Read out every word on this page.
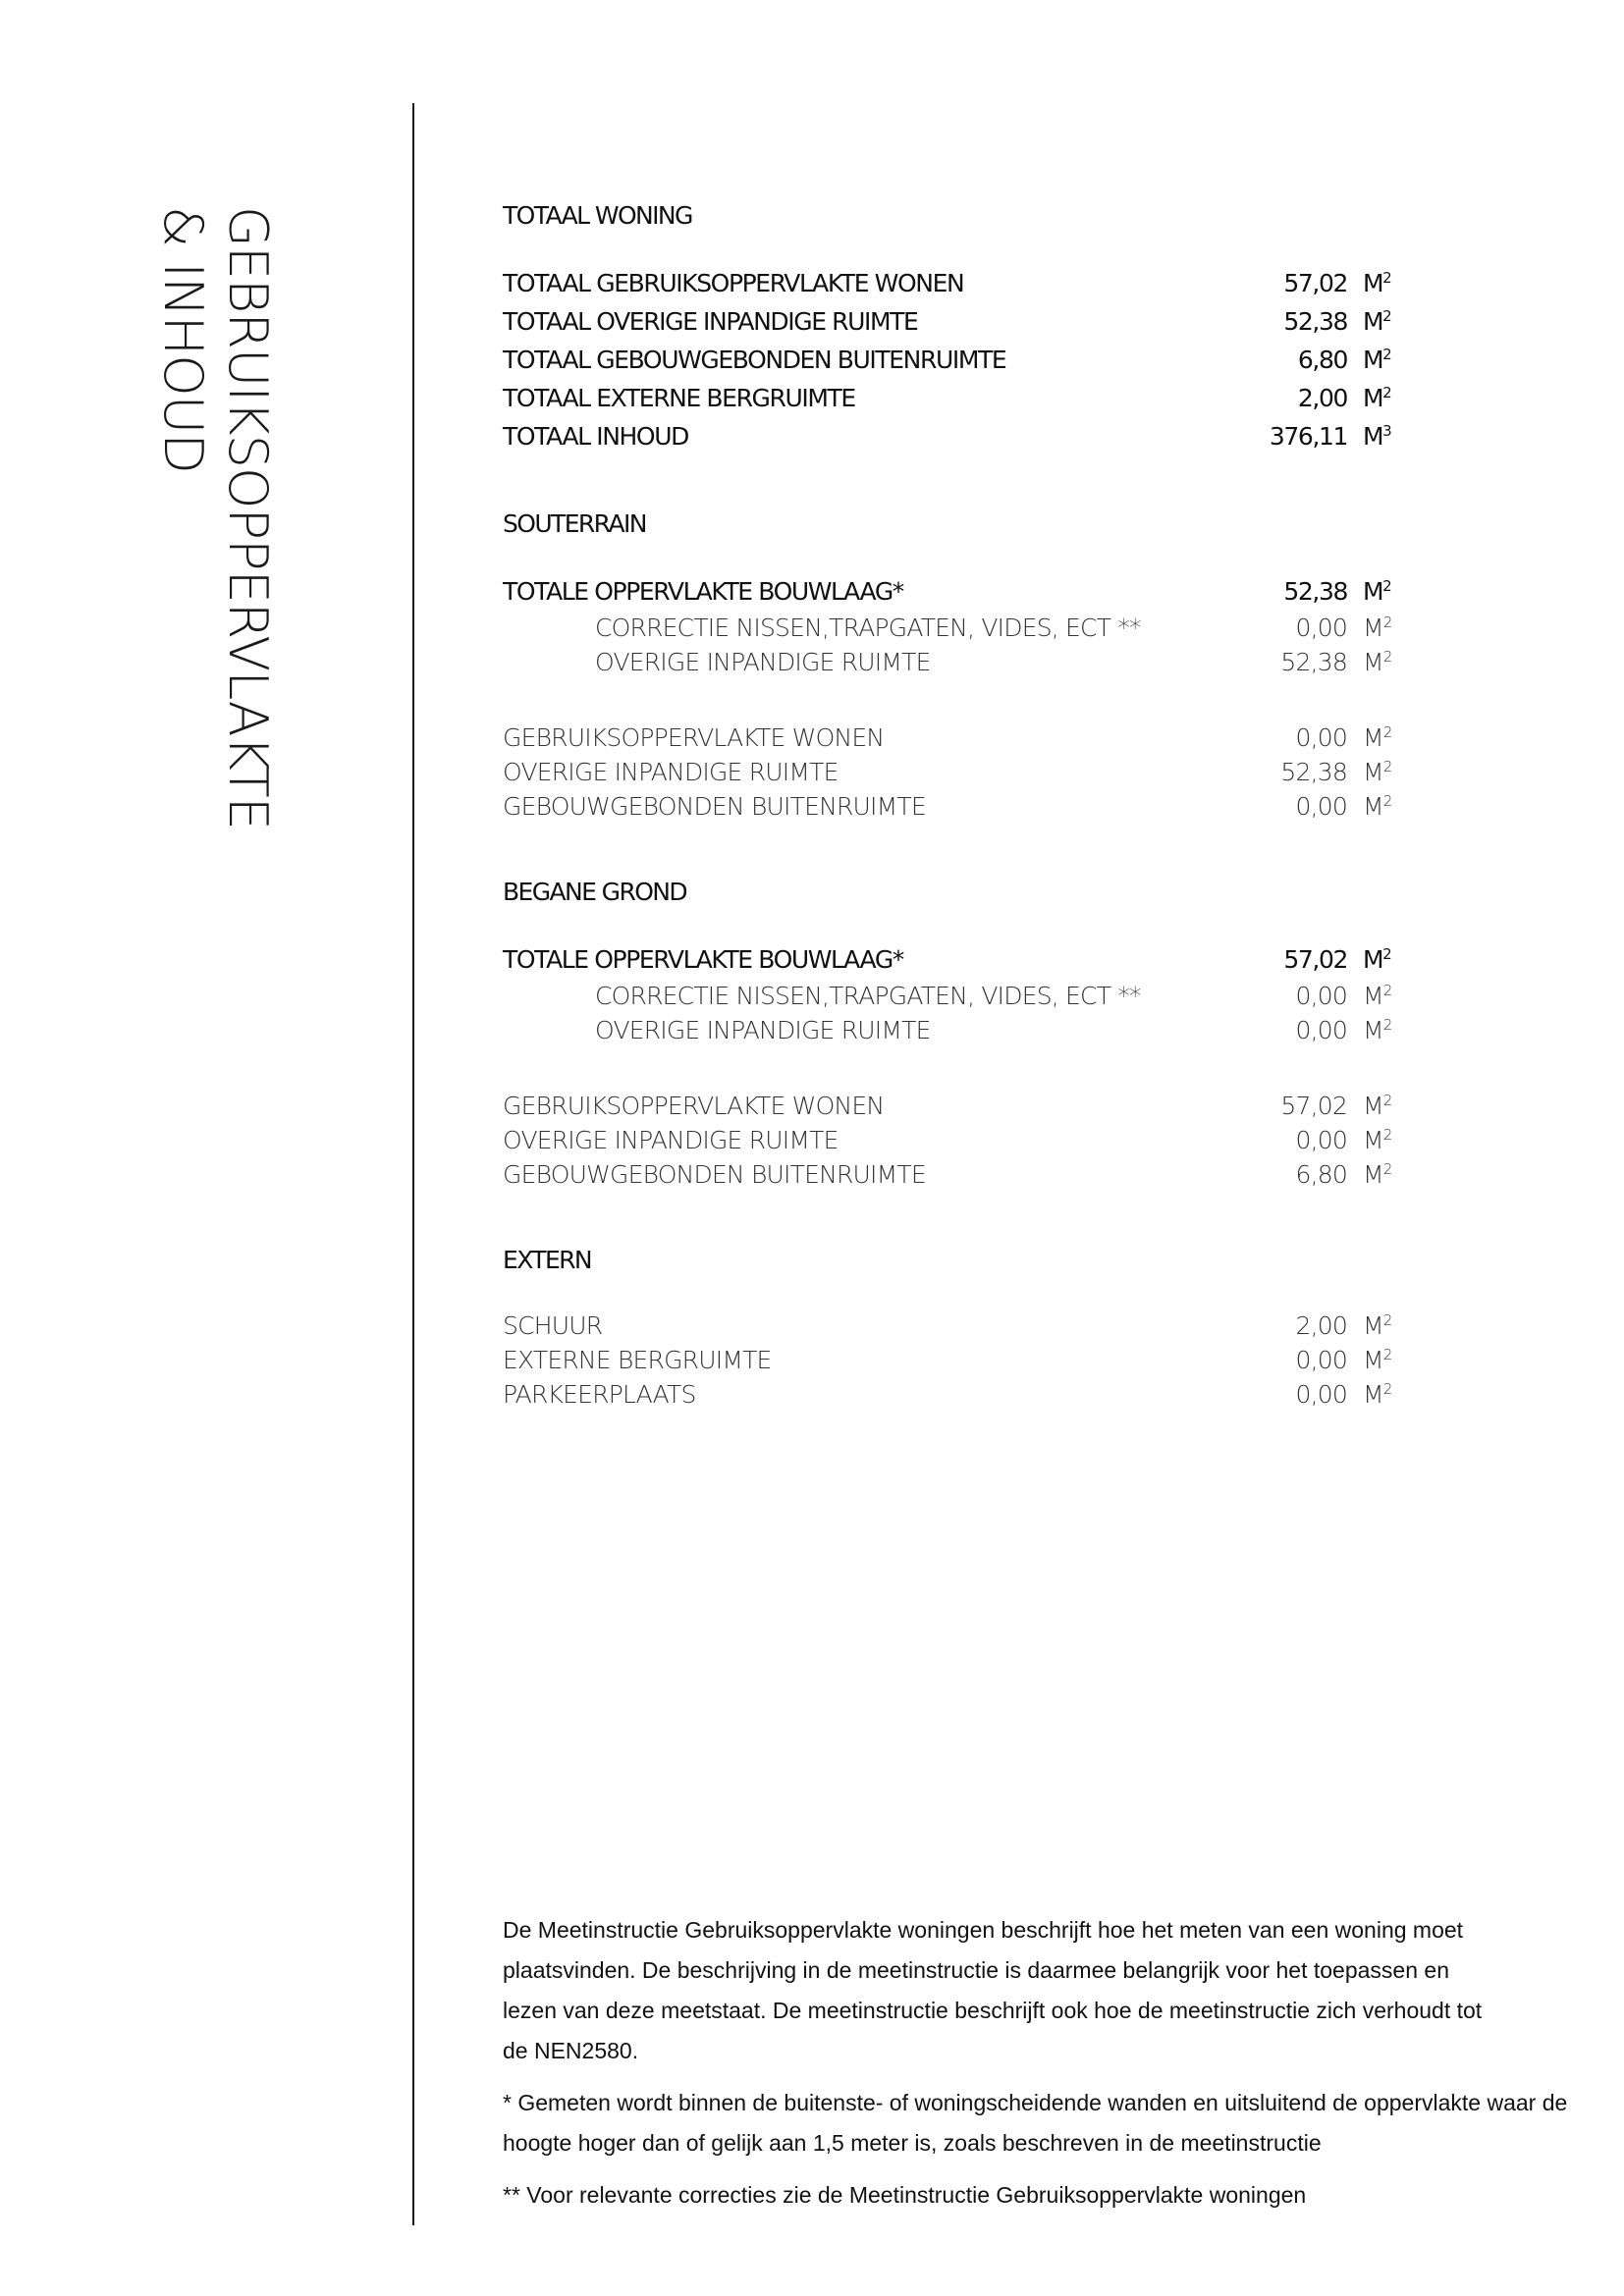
GEBRUIKSOPPERVLAKTE
& INHOUD	TOTAAL WONING
TOTAAL GEBRUIKSOPPERVLAKTE WONEN	57,02 $M^2$
TOTAAL OVERIGE INPANDIGE RUIMTE	52,38 $M^2$
TOTAAL GEBOUWGEBONDEN BUITENRUIMTE	6,80 $M^2$
TOTAAL EXTERNE BERGRUIMTE	2,00 $M^2$
TOTAAL INHOUD	376,11 $M^3$
SOUTERRAIN
TOTALE OPPERVLAKTE BOUWLAAG*	52,38 $M^2$
CORRECTIE NISSEN,TRAPGATEN, VIDES, ECT **	0,00 $M^2$
OVERIGE INPANDIGE RUIMTE	52,38 $M^2$
GEBRUIKSOPPERVLAKTE WONEN	0,00 $M^2$
OVERIGE INPANDIGE RUIMTE	52,38 $M^2$
GEBOUWGEBONDEN BUITENRUIMTE	0,00 $M^2$
BEGANE GROND
TOTALE OPPERVLAKTE BOUWLAAG*	57,02 $M^2$
CORRECTIE NISSEN,TRAPGATEN, VIDES, ECT **	0,00 $M^2$
OVERIGE INPANDIGE RUIMTE	0,00 $M^2$
GEBRUIKSOPPERVLAKTE WONEN	57,02 $M^2$
OVERIGE INPANDIGE RUIMTE	0,00 $M^2$
GEBOUWGEBONDEN BUITENRUIMTE	6,80 $M^2$
EXTERN
SCHUUR	2,00 $M^2$
EXTERNE BERGRUIMTE	0,00 $M^2$
PARKEERPLAATS	0,00 $M^2$

De Meetinstructie Gebruiksoppervlakte woningen beschrijft hoe het meten van een woning moet plaatsvinden. De beschrijving in de meetinstructie is daarmee belangrijk voor het toepassen en lezen van deze meetstaat. De meetinstructie beschrijft ook hoe de meetinstructie zich verhoudt tot de NEN2580.

* Gemeten wordt binnen de buitenste- of woningscheidende wanden en uitsluitend de oppervlakte waar de hoogte hoger dan of gelijk aan 1,5 meter is, zoals beschreven in de meetinstructie

** Voor relevante correcties zie de Meetinstructie Gebruiksoppervlakte woningen
